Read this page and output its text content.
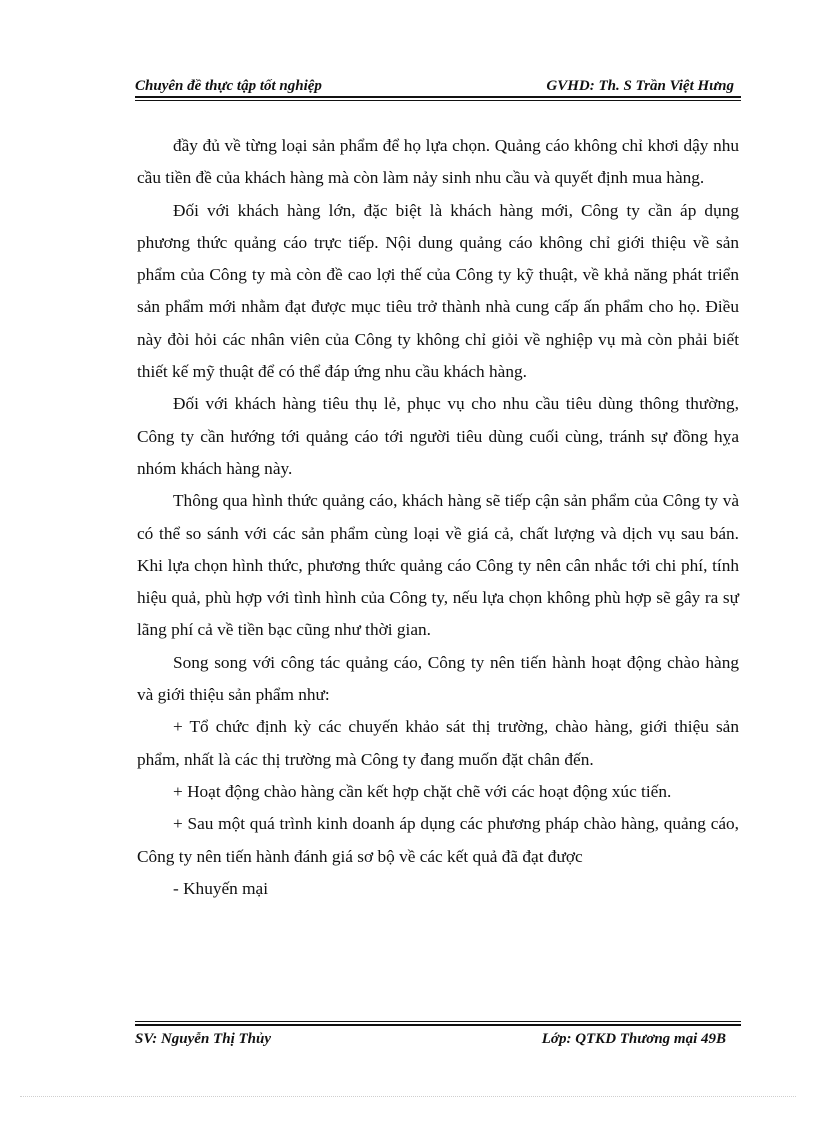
Chuyên đề thực tập tốt nghiệp	GVHD: Th. S Trần Việt Hưng

đầy đủ về từng loại sản phẩm để họ lựa chọn. Quảng cáo không chỉ khơi dậy nhu cầu tiền đề của khách hàng mà còn làm nảy sinh nhu cầu và quyết định mua hàng.

Đối với khách hàng lớn, đặc biệt là khách hàng mới, Công ty cần áp dụng phương thức quảng cáo trực tiếp. Nội dung quảng cáo không chỉ giới thiệu về sản phẩm của Công ty mà còn đề cao lợi thế của Công ty kỹ thuật, về khả năng phát triển sản phẩm mới nhằm đạt được mục tiêu trở thành nhà cung cấp ấn phẩm cho họ. Điều này đòi hỏi các nhân viên của Công ty không chỉ giỏi về nghiệp vụ mà còn phải biết thiết kế mỹ thuật để có thể đáp ứng nhu cầu khách hàng.

Đối với khách hàng tiêu thụ lẻ, phục vụ cho nhu cầu tiêu dùng thông thường, Công ty cần hướng tới quảng cáo tới người tiêu dùng cuối cùng, tránh sự đồng hỵa nhóm khách hàng này.

Thông qua hình thức quảng cáo, khách hàng sẽ tiếp cận sản phẩm của Công ty và có thể so sánh với các sản phẩm cùng loại về giá cả, chất lượng và dịch vụ sau bán. Khi lựa chọn hình thức, phương thức quảng cáo Công ty nên cân nhắc tới chi phí, tính hiệu quả, phù hợp với tình hình của Công ty, nếu lựa chọn không phù hợp sẽ gây ra sự lãng phí cả về tiền bạc cũng như thời gian.

Song song với công tác quảng cáo, Công ty nên tiến hành hoạt động chào hàng và giới thiệu sản phẩm như:

+ Tổ chức định kỳ các chuyến khảo sát thị trường, chào hàng, giới thiệu sản phẩm, nhất là các thị trường mà Công ty đang muốn đặt chân đến.

+ Hoạt động chào hàng cần kết hợp chặt chẽ với các hoạt động xúc tiến.

+ Sau một quá trình kinh doanh áp dụng các phương pháp chào hàng, quảng cáo, Công ty nên tiến hành đánh giá sơ bộ về các kết quả đã đạt được

- Khuyến mại

SV: Nguyễn Thị Thủy	Lớp: QTKD Thương mại 49B
